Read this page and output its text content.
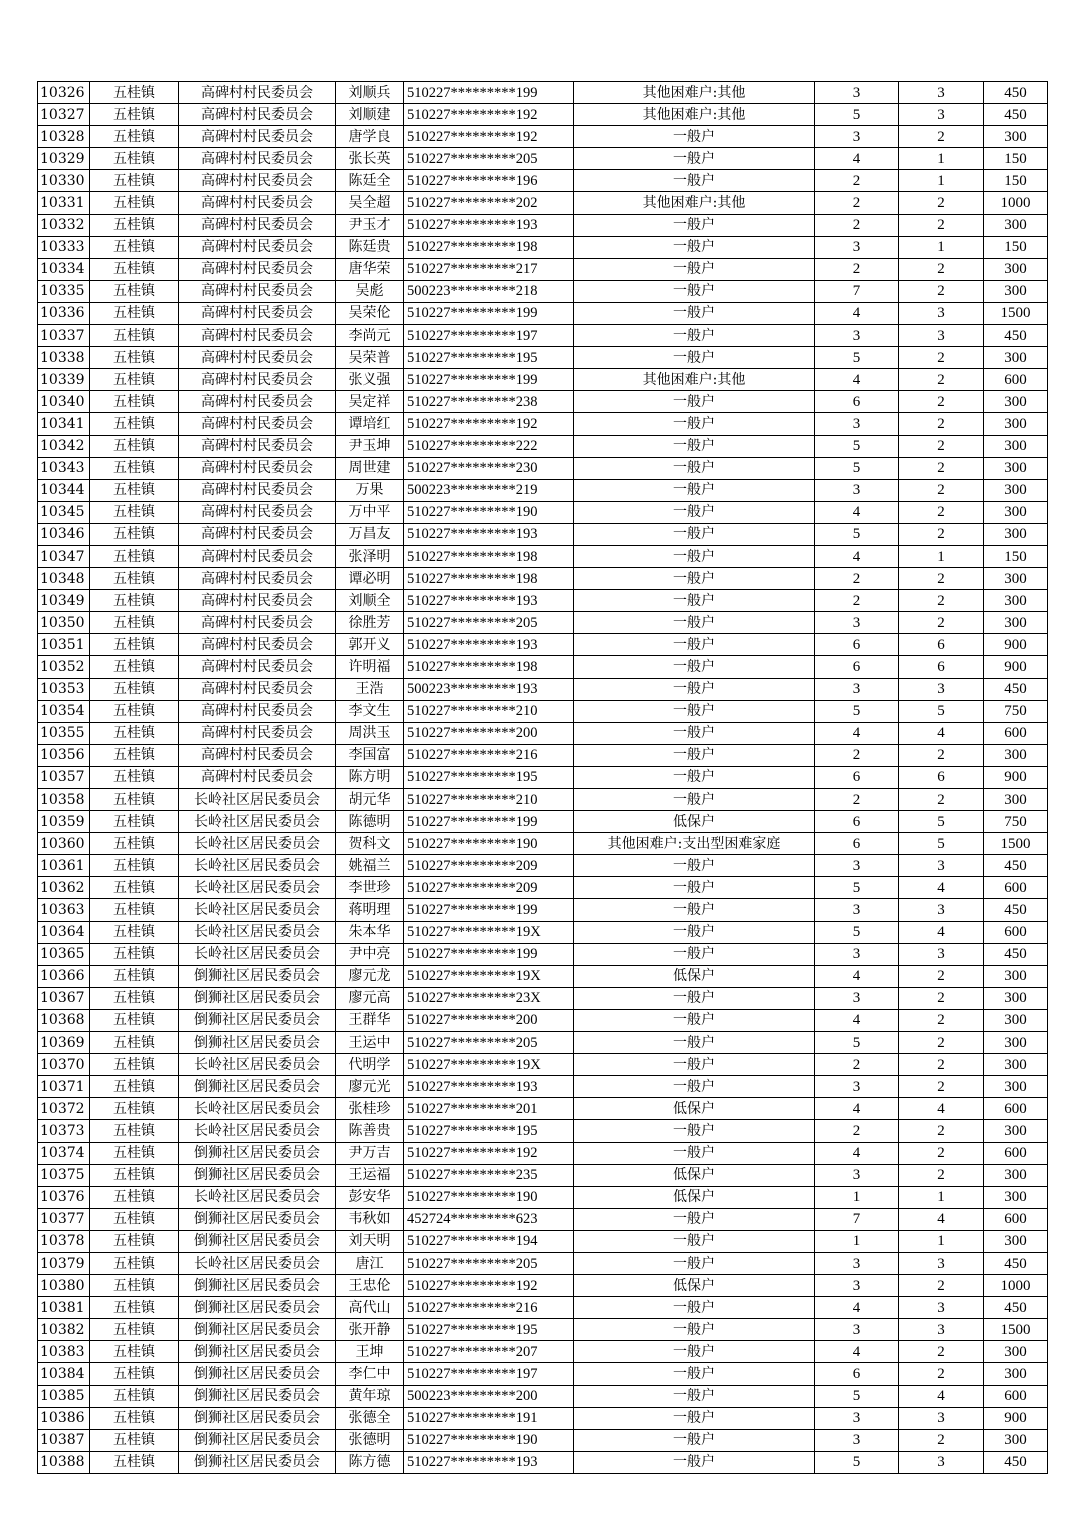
10326	五桂镇	高碑村村民委员会	刘顺兵	510227*********199	其他困难户:其他	3	3	450
10327	五桂镇	高碑村村民委员会	刘顺建	510227*********192	其他困难户:其他	5	3	450
10328	五桂镇	高碑村村民委员会	唐学良	510227*********192	一般户	3	2	300
10329	五桂镇	高碑村村民委员会	张长英	510227*********205	一般户	4	1	150
10330	五桂镇	高碑村村民委员会	陈廷全	510227*********196	一般户	2	1	150
10331	五桂镇	高碑村村民委员会	吴全超	510227*********202	其他困难户:其他	2	2	1000
10332	五桂镇	高碑村村民委员会	尹玉才	510227*********193	一般户	2	2	300
10333	五桂镇	高碑村村民委员会	陈廷贵	510227*********198	一般户	3	1	150
10334	五桂镇	高碑村村民委员会	唐华荣	510227*********217	一般户	2	2	300
10335	五桂镇	高碑村村民委员会	吴彪	500223*********218	一般户	7	2	300
10336	五桂镇	高碑村村民委员会	吴荣伦	510227*********199	一般户	4	3	1500
10337	五桂镇	高碑村村民委员会	李尚元	510227*********197	一般户	3	3	450
10338	五桂镇	高碑村村民委员会	吴荣普	510227*********195	一般户	5	2	300
10339	五桂镇	高碑村村民委员会	张义强	510227*********199	其他困难户:其他	4	2	600
10340	五桂镇	高碑村村民委员会	吴定祥	510227*********238	一般户	6	2	300
10341	五桂镇	高碑村村民委员会	谭培红	510227*********192	一般户	3	2	300
10342	五桂镇	高碑村村民委员会	尹玉坤	510227*********222	一般户	5	2	300
10343	五桂镇	高碑村村民委员会	周世建	510227*********230	一般户	5	2	300
10344	五桂镇	高碑村村民委员会	万果	500223*********219	一般户	3	2	300
10345	五桂镇	高碑村村民委员会	万中平	510227*********190	一般户	4	2	300
10346	五桂镇	高碑村村民委员会	万昌友	510227*********193	一般户	5	2	300
10347	五桂镇	高碑村村民委员会	张泽明	510227*********198	一般户	4	1	150
10348	五桂镇	高碑村村民委员会	谭必明	510227*********198	一般户	2	2	300
10349	五桂镇	高碑村村民委员会	刘顺全	510227*********193	一般户	2	2	300
10350	五桂镇	高碑村村民委员会	徐胜芳	510227*********205	一般户	3	2	300
10351	五桂镇	高碑村村民委员会	郭开义	510227*********193	一般户	6	6	900
10352	五桂镇	高碑村村民委员会	许明福	510227*********198	一般户	6	6	900
10353	五桂镇	高碑村村民委员会	王浩	500223*********193	一般户	3	3	450
10354	五桂镇	高碑村村民委员会	李文生	510227*********210	一般户	5	5	750
10355	五桂镇	高碑村村民委员会	周洪玉	510227*********200	一般户	4	4	600
10356	五桂镇	高碑村村民委员会	李国富	510227*********216	一般户	2	2	300
10357	五桂镇	高碑村村民委员会	陈方明	510227*********195	一般户	6	6	900
10358	五桂镇	长岭社区居民委员会	胡元华	510227*********210	一般户	2	2	300
10359	五桂镇	长岭社区居民委员会	陈德明	510227*********199	低保户	6	5	750
10360	五桂镇	长岭社区居民委员会	贺科文	510227*********190	其他困难户:支出型困难家庭	6	5	1500
10361	五桂镇	长岭社区居民委员会	姚福兰	510227*********209	一般户	3	3	450
10362	五桂镇	长岭社区居民委员会	李世珍	510227*********209	一般户	5	4	600
10363	五桂镇	长岭社区居民委员会	蒋明理	510227*********199	一般户	3	3	450
10364	五桂镇	长岭社区居民委员会	朱本华	510227*********19X	一般户	5	4	600
10365	五桂镇	长岭社区居民委员会	尹中亮	510227*********199	一般户	3	3	450
10366	五桂镇	倒狮社区居民委员会	廖元龙	510227*********19X	低保户	4	2	300
10367	五桂镇	倒狮社区居民委员会	廖元高	510227*********23X	一般户	3	2	300
10368	五桂镇	倒狮社区居民委员会	王群华	510227*********200	一般户	4	2	300
10369	五桂镇	倒狮社区居民委员会	王运中	510227*********205	一般户	5	2	300
10370	五桂镇	长岭社区居民委员会	代明学	510227*********19X	一般户	2	2	300
10371	五桂镇	倒狮社区居民委员会	廖元光	510227*********193	一般户	3	2	300
10372	五桂镇	长岭社区居民委员会	张桂珍	510227*********201	低保户	4	4	600
10373	五桂镇	长岭社区居民委员会	陈善贵	510227*********195	一般户	2	2	300
10374	五桂镇	倒狮社区居民委员会	尹万吉	510227*********192	一般户	4	2	600
10375	五桂镇	倒狮社区居民委员会	王运福	510227*********235	低保户	3	2	300
10376	五桂镇	长岭社区居民委员会	彭安华	510227*********190	低保户	1	1	300
10377	五桂镇	倒狮社区居民委员会	韦秋如	452724*********623	一般户	7	4	600
10378	五桂镇	倒狮社区居民委员会	刘天明	510227*********194	一般户	1	1	300
10379	五桂镇	长岭社区居民委员会	唐江	510227*********205	一般户	3	3	450
10380	五桂镇	倒狮社区居民委员会	王忠伦	510227*********192	低保户	3	2	1000
10381	五桂镇	倒狮社区居民委员会	高代山	510227*********216	一般户	4	3	450
10382	五桂镇	倒狮社区居民委员会	张开静	510227*********195	一般户	3	3	1500
10383	五桂镇	倒狮社区居民委员会	王坤	510227*********207	一般户	4	2	300
10384	五桂镇	倒狮社区居民委员会	李仁中	510227*********197	一般户	6	2	300
10385	五桂镇	倒狮社区居民委员会	黄年琼	500223*********200	一般户	5	4	600
10386	五桂镇	倒狮社区居民委员会	张德全	510227*********191	一般户	3	3	900
10387	五桂镇	倒狮社区居民委员会	张德明	510227*********190	一般户	3	2	300
10388	五桂镇	倒狮社区居民委员会	陈方德	510227*********193	一般户	5	3	450
